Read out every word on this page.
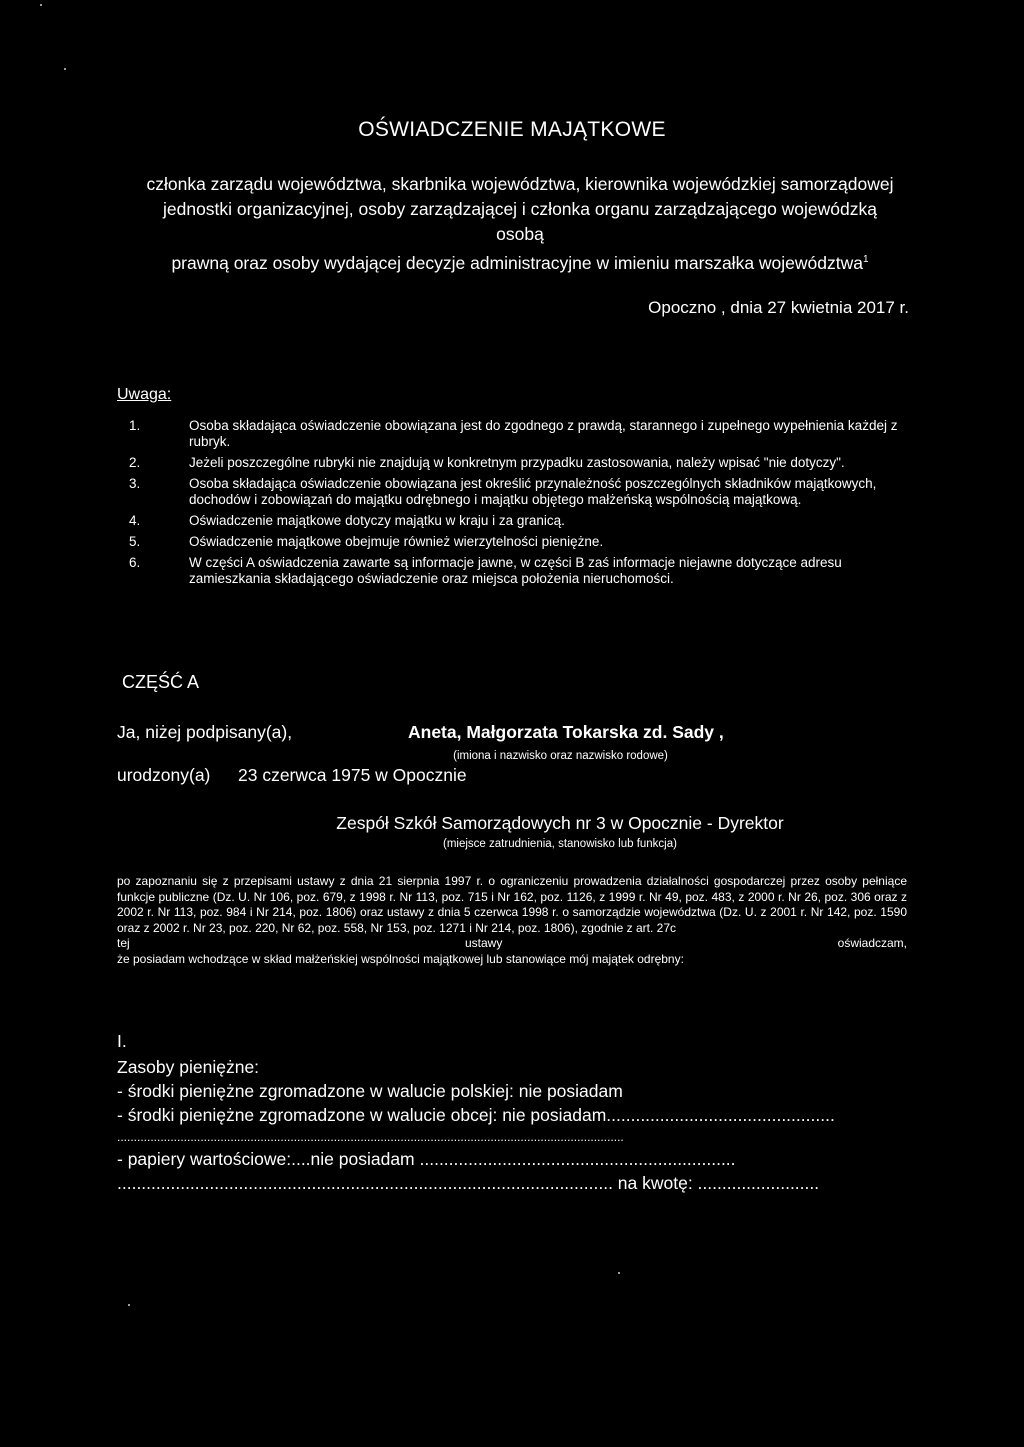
OŚWIADCZENIE MAJĄTKOWE
członka zarządu województwa, skarbnika województwa, kierownika wojewódzkiej samorządowej
jednostki organizacyjnej, osoby zarządzającej i członka organu zarządzającego wojewódzką
osobą
prawną oraz osoby wydającej decyzje administracyjne w imieniu marszałka województwa$^1$
Opoczno , dnia 27 kwietnia 2017 r.
Uwaga:
1.	Osoba składająca oświadczenie obowiązana jest do zgodnego z prawdą, starannego i zupełnego wypełnienia każdej z rubryk.
2.	Jeżeli poszczególne rubryki nie znajdują w konkretnym przypadku zastosowania, należy wpisać "nie dotyczy".
3.	Osoba składająca oświadczenie obowiązana jest określić przynależność poszczególnych składników majątkowych, dochodów i zobowiązań do majątku odrębnego i majątku objętego małżeńską wspólnością majątkową.
4.	Oświadczenie majątkowe dotyczy majątku w kraju i za granicą.
5.	Oświadczenie majątkowe obejmuje również wierzytelności pieniężne.
6.	W części A oświadczenia zawarte są informacje jawne, w części B zaś informacje niejawne dotyczące adresu zamieszkania składającego oświadczenie oraz miejsca położenia nieruchomości.
CZĘŚĆ A
Ja, niżej podpisany(a),	Aneta, Małgorzata Tokarska zd. Sady ,
(imiona i nazwisko oraz nazwisko rodowe)
urodzony(a) 23 czerwca 1975 w Opocznie
Zespół Szkół Samorządowych nr 3 w Opocznie - Dyrektor
(miejsce zatrudnienia, stanowisko lub funkcja)
po zapoznaniu się z przepisami ustawy z dnia 21 sierpnia 1997 r. o ograniczeniu prowadzenia działalności gospodarczej przez osoby pełniące funkcje publiczne (Dz. U. Nr 106, poz. 679, z 1998 r. Nr 113, poz. 715 i Nr 162, poz. 1126, z 1999 r. Nr 49, poz. 483, z 2000 r. Nr 26, poz. 306 oraz z 2002 r. Nr 113, poz. 984 i Nr 214, poz. 1806) oraz ustawy z dnia 5 czerwca 1998 r. o samorządzie województwa (Dz. U. z 2001 r. Nr 142, poz. 1590 oraz z 2002 r. Nr 23, poz. 220, Nr 62, poz. 558, Nr 153, poz. 1271 i Nr 214, poz. 1806), zgodnie z art. 27c
tej	ustawy	oświadczam,
że posiadam wchodzące w skład małżeńskiej wspólności majątkowej lub stanowiące mój majątek odrębny:
I.
Zasoby pieniężne:
- środki pieniężne zgromadzone w walucie polskiej: nie posiadam
- środki pieniężne zgromadzone w walucie obcej: nie posiadam...............................................
........................................................................................................................................................
- papiery wartościowe:....nie posiadam .................................................................
...................................................................................................... na kwotę: .........................
